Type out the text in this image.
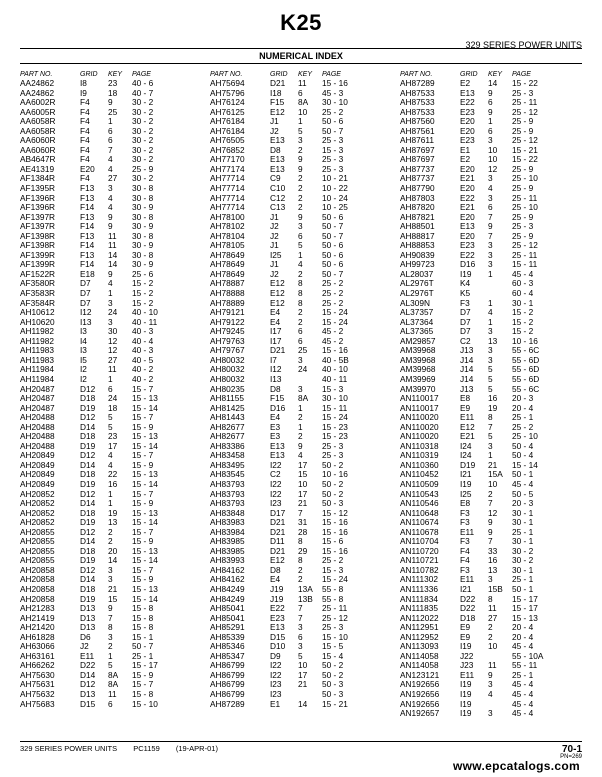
K25
329 SERIES POWER UNITS
NUMERICAL INDEX
PART NO.	GRID KEY PAGE
AA24862	I8	23 40 - 6
AA24862	I9	18 40 - 7
AA6002R	F4 9 30 - 2
AA6005R	F4 25 30 - 2
AA6058R	F4 1 30 - 2
AA6058R	F4 6 30 - 2
AA6060R	F4 6 30 - 2
AA6060R	F4 7 30 - 2
AB4647R	F4 4 30 - 2
AE41319	E20 4 25 - 9
AF1384R	F4 27 30 - 2
AF1395R	F13 3 30 - 8
AF1396R	F13 4 30 - 8
AF1396R	F14 4 30 - 9
AF1397R	F13 9 30 - 8
AF1397R	F14 9 30 - 9
AF1398R	F13 11 30 - 8
AF1398R	F14 11 30 - 9
AF1399R	F13 14 30 - 8
AF1399R	F14 14 30 - 9
AF1522R	E18 9 25 - 6
AF3580R	D7 4 15 - 2
AF3583R	D7 1 15 - 2
AF3584R	D7 3 15 - 2
AH10612	I12 24 40 - 10
AH10620	I13 3 40 - 11
AH11982	I3	30 40 - 3
AH11982	I4	12 40 - 4
AH11983	I3	12 40 - 3
AH11983	I5	27 40 - 5
AH11984	I2	11 40 - 2
AH11984	I2	1 40 - 2
AH20487	D12 6 15 - 7
AH20487	D18 24 15 - 13
AH20487	D19 18 15 - 14
AH20488	D12 5 15 - 7
AH20488	D14 5 15 - 9
AH20488	D18 23 15 - 13
AH20488	D19 17 15 - 14
AH20849	D12 4 15 - 7
AH20849	D14 4 15 - 9
AH20849	D18 22 15 - 13
AH20849	D19 16 15 - 14
AH20852	D12 1 15 - 7
AH20852	D14 1 15 - 9
AH20852	D18 19 15 - 13
AH20852	D19 13 15 - 14
AH20855	D12 2 15 - 7
AH20855	D14 2 15 - 9
AH20855	D18 20 15 - 13
AH20855	D19 14 15 - 14
AH20858	D12 3 15 - 7
AH20858	D14 3 15 - 9
AH20858	D18 21 15 - 13
AH20858	D19 15 15 - 14
AH21283	D13 9 15 - 8
AH21419	D13 7 15 - 8
AH21420	D13 8 15 - 8
AH61828	D6 3 15 - 1
AH63066	J2 2 50 - 7
AH63161	E11 1 25 - 1
AH66262	D22 5 15 - 17
AH75630	D14 8A 15 - 9
AH75631	D12 8A 15 - 7
AH75632	D13 11 15 - 8
AH75683	D15 6 15 - 10
PART NO.	GRID KEY PAGE
AH75694	D21 11 15 - 16
AH75796	I18 6 45 - 3
AH76124	F15 8A 30 - 10
AH76125	E12 10 25 - 2
AH76184	J1 1 50 - 6
AH76184	J2 5 50 - 7
AH76505	E13 3 25 - 3
AH76852	D8 2 15 - 3
AH77170	E13 9 25 - 3
AH77174	E13 9 25 - 3
AH77714	C9 2 10 - 21
AH77714	C10 2 10 - 22
AH77714	C12 2 10 - 24
AH77714	C13 2 10 - 25
AH78100	J1 9 50 - 6
AH78102	J2 3 50 - 7
AH78104	J2 6 50 - 7
AH78105	J1 5 50 - 6
AH78649	I25 1 50 - 6
AH78649	J1 4 50 - 6
AH78649	J2 2 50 - 7
AH78887	E12 8 25 - 2
AH78888	E12 8 25 - 2
AH78889	E12 8 25 - 2
AH79121	E4 2 15 - 24
AH79122	E4 2 15 - 24
AH79245	I17 6 45 - 2
AH79763	I17 6 45 - 2
AH79767	D21 25 15 - 16
AH80032	I7	3 40 - 5B
AH80032	I12 24 40 - 10
AH80032	I13	40 - 11
AH80235	D8 3 15 - 3
AH81155	F15 8A 30 - 10
AH81425	D16 1 15 - 11
AH81443	E4 2 15 - 24
AH82677	E3 1 15 - 23
AH82677	E3 2 15 - 23
AH83386	E13 9 25 - 3
AH83458	E13 4 25 - 3
AH83495	I22 17 50 - 2
AH83545	C2 15 10 - 16
AH83793	I22 10 50 - 2
AH83793	I22 17 50 - 2
AH83793	I23 21 50 - 3
AH83848	D17 7 15 - 12
AH83983	D21 31 15 - 16
AH83984	D21 28 15 - 16
AH83985	D11 8 15 - 6
AH83985	D21 29 15 - 16
AH83993	E12 8 25 - 2
AH84162	D8 2 15 - 3
AH84162	E4 2 15 - 24
AH84249	J19 13A 55 - 8
AH84249	J19 13B 55 - 8
AH85041	E22 7 25 - 11
AH85041	E23 7 25 - 12
AH85291	E13 3 25 - 3
AH85339	D15 6 15 - 10
AH85346	D10 3 15 - 5
AH85347	D9 5 15 - 4
AH86799	I22 10 50 - 2
AH86799	I22 17 50 - 2
AH86799	I23 21 50 - 3
AH86799	I23	50 - 3
AH87289	E1 14 15 - 21
PART NO.	GRID KEY PAGE
AH87289	E2 14 15 - 22
AH87533	E13 9 25 - 3
AH87533	E22 6 25 - 11
AH87533	E23 9 25 - 12
AH87560	E20 1 25 - 9
AH87561	E20 6 25 - 9
AH87611	E23 3 25 - 12
AH87697	E1 10 15 - 21
AH87697	E2 10 15 - 22
AH87737	E20 12 25 - 9
AH87737	E21 3 25 - 10
AH87790	E20 4 25 - 9
AH87803	E22 3 25 - 11
AH87820	E21 6 25 - 10
AH87821	E20 7 25 - 9
AH88501	E13 9 25 - 3
AH88817	E20 7 25 - 9
AH88853	E23 3 25 - 12
AH90839	E22 3 25 - 11
AH99723	D16 3 15 - 11
AL28037	I19 1 45 - 4
AL2976T	K4	60 - 3
AL2976T	K5	60 - 4
AL309N	F3 1 30 - 1
AL37357	D7 4 15 - 2
AL37364	D7 1 15 - 2
AL37365	D7 3 15 - 2
AM29857	C2 13 10 - 16
AM39968	J13 3 55 - 6C
AM39968	J14 3 55 - 6D
AM39968	J14 5 55 - 6D
AM39969	J14 5 55 - 6D
AM39970	J13 5 55 - 6C
AN110017	E8 16 20 - 3
AN110017	E9 19 20 - 4
AN110020	E11 8 25 - 1
AN110020	E12 7 25 - 2
AN110020	E21 5 25 - 10
AN110318	I24 3 50 - 4
AN110319	I24 1 50 - 4
AN110360	D19 21 15 - 14
AN110452	I21 15A 50 - 1
AN110509	I19 10 45 - 4
AN110543	I25 2 50 - 5
AN110546	E8 7 20 - 3
AN110648	F3 12 30 - 1
AN110674	F3 9 30 - 1
AN110678	E11 9 25 - 1
AN110704	F3 7 30 - 1
AN110720	F4 33 30 - 2
AN110721	F4 16 30 - 2
AN110782	F3 13 30 - 1
AN111302	E11 3 25 - 1
AN111336	I21 15B 50 - 1
AN111834	D22 8 15 - 17
AN111835	D22 11 15 - 17
AN112022	D18 27 15 - 13
AN112951	E9 2 20 - 4
AN112952	E9 2 20 - 4
AN113093	I19 10 45 - 4
AN114058	J22	55 - 10A
AN114058	J23 11 55 - 11
AN123121	E11 9 25 - 1
AN192656	I19 3 45 - 4
AN192656	I19 4 45 - 4
AN192656	I19	45 - 4
AN192657	I19 3 45 - 4
329 SERIES POWER UNITS PC1159 (19-APR-01)	70-1
PN=269
www.epcatalogs.com
